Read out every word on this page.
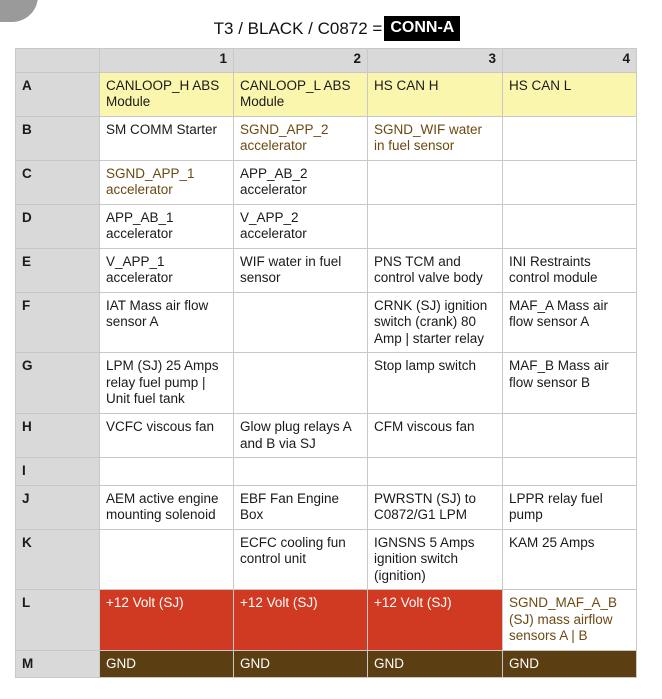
T3 / BLACK / C0872 = CONN-A
	1	2	3	4
A	CANLOOP_H ABS Module	CANLOOP_L ABS Module	HS CAN H	HS CAN L
B	SM COMM Starter	SGND_APP_2 accelerator	SGND_WIF water in fuel sensor	
C	SGND_APP_1 accelerator	APP_AB_2 accelerator		
D	APP_AB_1 accelerator	V_APP_2 accelerator		
E	V_APP_1 accelerator	WIF water in fuel sensor	PNS TCM and control valve body	INI Restraints control module
F	IAT Mass air flow sensor A		CRNK (SJ) ignition switch (crank) 80 Amp | starter relay	MAF_A Mass air flow sensor A
G	LPM (SJ) 25 Amps relay fuel pump | Unit fuel tank		Stop lamp switch	MAF_B Mass air flow sensor B
H	VCFC viscous fan	Glow plug relays A and B via SJ	CFM viscous fan	
I				
J	AEM active engine mounting solenoid	EBF Fan Engine Box	PWRSTN (SJ) to C0872/G1 LPM	LPPR relay fuel pump
K		ECFC cooling fun control unit	IGNSNS 5 Amps ignition switch (ignition)	KAM 25 Amps
L	+12 Volt (SJ)	+12 Volt (SJ)	+12 Volt (SJ)	SGND_MAF_A_B (SJ) mass airflow sensors A | B
M	GND	GND	GND	GND
